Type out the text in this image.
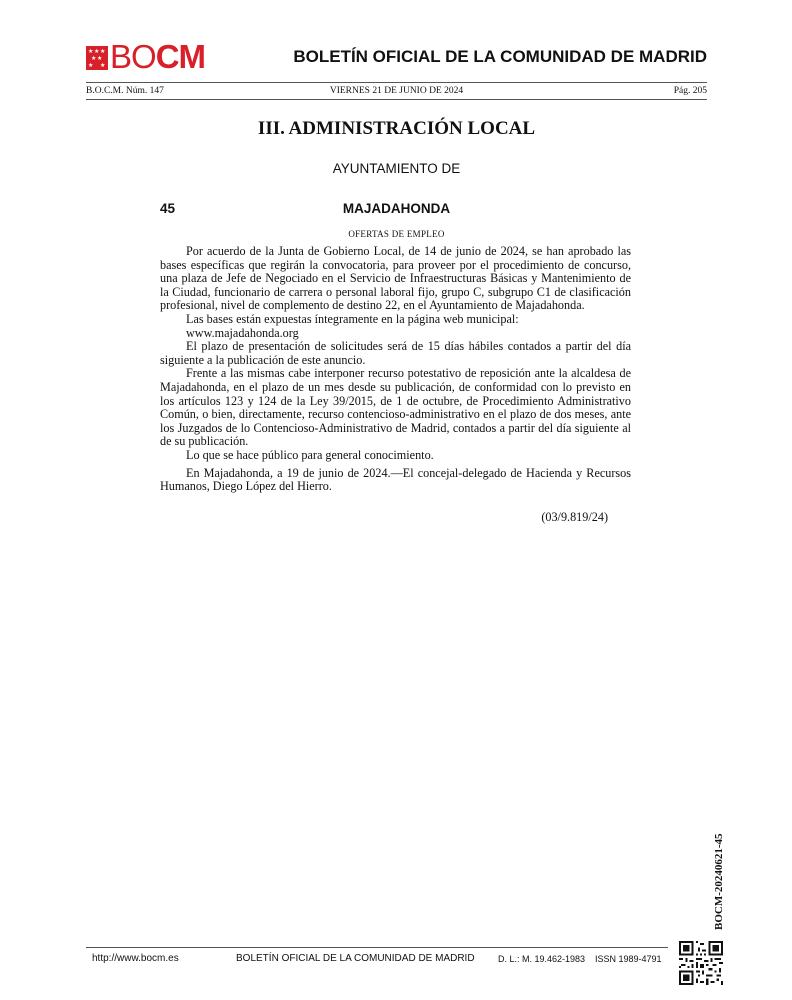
★ ★ ★
★ ★
★ ★ BOCM	BOLETÍN OFICIAL DE LA COMUNIDAD DE MADRID
B.O.C.M. Núm. 147	VIERNES 21 DE JUNIO DE 2024	Pág. 205
III. ADMINISTRACIÓN LOCAL
AYUNTAMIENTO DE
45	MAJADAHONDA
OFERTAS DE EMPLEO

Por acuerdo de la Junta de Gobierno Local, de 14 de junio de 2024, se han aprobado las bases específicas que regirán la convocatoria, para proveer por el procedimiento de concurso, una plaza de Jefe de Negociado en el Servicio de Infraestructuras Básicas y Mantenimiento de la Ciudad, funcionario de carrera o personal laboral fijo, grupo C, subgrupo C1 de clasificación profesional, nivel de complemento de destino 22, en el Ayuntamiento de Majadahonda.

Las bases están expuestas íntegramente en la página web municipal:

www.majadahonda.org

El plazo de presentación de solicitudes será de 15 días hábiles contados a partir del día siguiente a la publicación de este anuncio.

Frente a las mismas cabe interponer recurso potestativo de reposición ante la alcaldesa de Majadahonda, en el plazo de un mes desde su publicación, de conformidad con lo previsto en los artículos 123 y 124 de la Ley 39/2015, de 1 de octubre, de Procedimiento Administrativo Común, o bien, directamente, recurso contencioso-administrativo en el plazo de dos meses, ante los Juzgados de lo Contencioso-Administrativo de Madrid, contados a partir del día siguiente al de su publicación.

Lo que se hace público para general conocimiento.

En Majadahonda, a 19 de junio de 2024.—El concejal-delegado de Hacienda y Recursos Humanos, Diego López del Hierro.

(03/9.819/24)
BOCM-20240621-45
http://www.bocm.es	BOLETÍN OFICIAL DE LA COMUNIDAD DE MADRID	D. L.: M. 19.462-1983 ISSN 1989-4791
